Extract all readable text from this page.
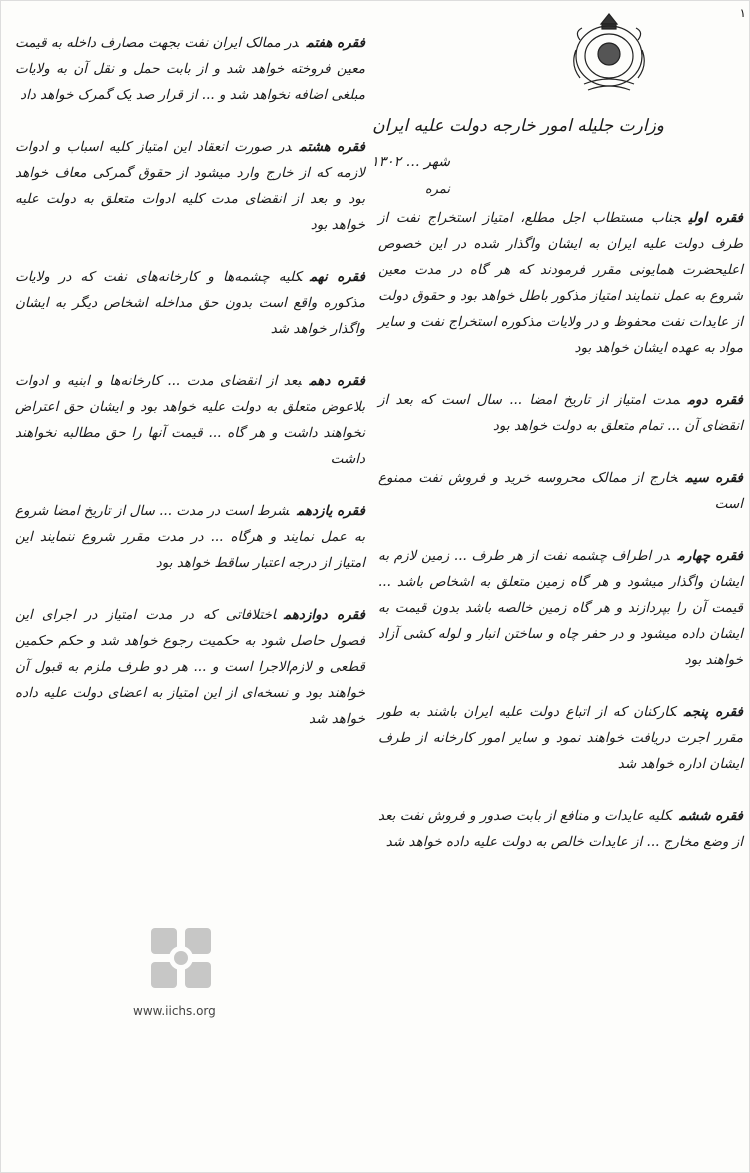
١
وزارت جلیله امور خارجه دولت علیه ایران
شهر … ۱۳۰۲
نمره

فقره اولیجناب مستطاب اجل مطلع، امتیاز استخراج نفت از طرف دولت علیه ایران به ایشان واگذار شده در این خصوص اعلیحضرت همایونی مقرر فرمودند که هر گاه در مدت معین شروع به عمل ننمایند امتیاز مذکور باطل خواهد بود و حقوق دولت از عایدات نفت محفوظ و در ولایات مذکوره استخراج نفت و سایر مواد به عهده ایشان خواهد بود

فقره دوممدت امتیاز از تاریخ امضا ... سال است که بعد از انقضای آن ... تمام متعلق به دولت خواهد بود

فقره سیمخارج از ممالک محروسه خرید و فروش نفت ممنوع است

فقره چهارمدر اطراف چشمه نفت از هر طرف ... زمین لازم به ایشان واگذار میشود و هر گاه زمین متعلق به اشخاص باشد ... قیمت آن را بپردازند و هر گاه زمین خالصه باشد بدون قیمت به ایشان داده میشود و در حفر چاه و ساختن انبار و لوله کشی آزاد خواهند بود

فقره پنجمکارکنان که از اتباع دولت علیه ایران باشند به طور مقرر اجرت دریافت خواهند نمود و سایر امور کارخانه از طرف ایشان اداره خواهد شد

فقره ششمکلیه عایدات و منافع از بابت صدور و فروش نفت بعد از وضع مخارج ... از عایدات خالص به دولت علیه داده خواهد شد

فقره هفتمدر ممالک ایران نفت بجهت مصارف داخله به قیمت معین فروخته خواهد شد و از بابت حمل و نقل آن به ولایات مبلغی اضافه نخواهد شد و ... از قرار صد یک گمرک خواهد داد

فقره هشتمدر صورت انعقاد این امتیاز کلیه اسباب و ادوات لازمه که از خارج وارد میشود از حقوق گمرکی معاف خواهد بود و بعد از انقضای مدت کلیه ادوات متعلق به دولت علیه خواهد بود

فقره نهمکلیه چشمه‌ها و کارخانه‌های نفت که در ولایات مذکوره واقع است بدون حق مداخله اشخاص دیگر به ایشان واگذار خواهد شد

فقره دهمبعد از انقضای مدت ... کارخانه‌ها و ابنیه و ادوات بلاعوض متعلق به دولت علیه خواهد بود و ایشان حق اعتراض نخواهند داشت و هر گاه ... قیمت آنها را حق مطالبه نخواهند داشت

فقره یازدهمشرط است در مدت ... سال از تاریخ امضا شروع به عمل نمایند و هرگاه ... در مدت مقرر شروع ننمایند این امتیاز از درجه اعتبار ساقط خواهد بود

فقره دوازدهماختلافاتی که در مدت امتیاز در اجرای این فصول حاصل شود به حکمیت رجوع خواهد شد و حکم حکمین قطعی و لازم‌الاجرا است و ... هر دو طرف ملزم به قبول آن خواهند بود و نسخه‌ای از این امتیاز به اعضای دولت علیه داده خواهد شد

www.iichs.org
